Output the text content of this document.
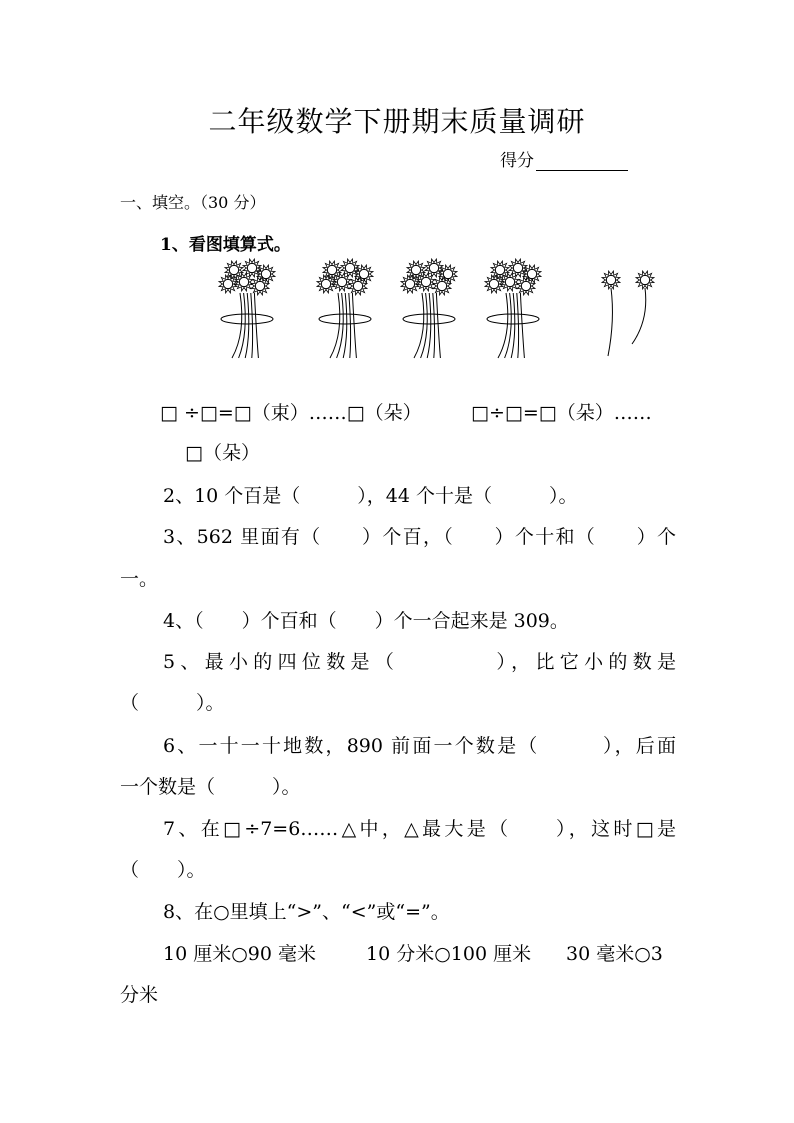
二年级数学下册期末质量调研
得分
一、填空。（30 分）
1、看图填算式。
□ ÷□=□（束）……□（朵）	□÷□=□（朵）……
□（朵）
2、10 个百是（　　　），44 个十是（　　　）。
3、562 里面有（　　）个百，（　　）个十和（　　）个
一。
4、（　　）个百和（　　）个一合起来是 309。
5、最小的四位数是（　　　　），比它小的数是
（　　　）。
6、一十一十地数，890 前面一个数是（　　　），后面
一个数是（　　　）。
7、在□÷7=6……△中，△最大是（　　），这时□是
（　　）。
8、在○里填上“>”、“<”或“=”。
10 厘米○90 毫米	10 分米○100 厘米 30 毫米○3
分米
